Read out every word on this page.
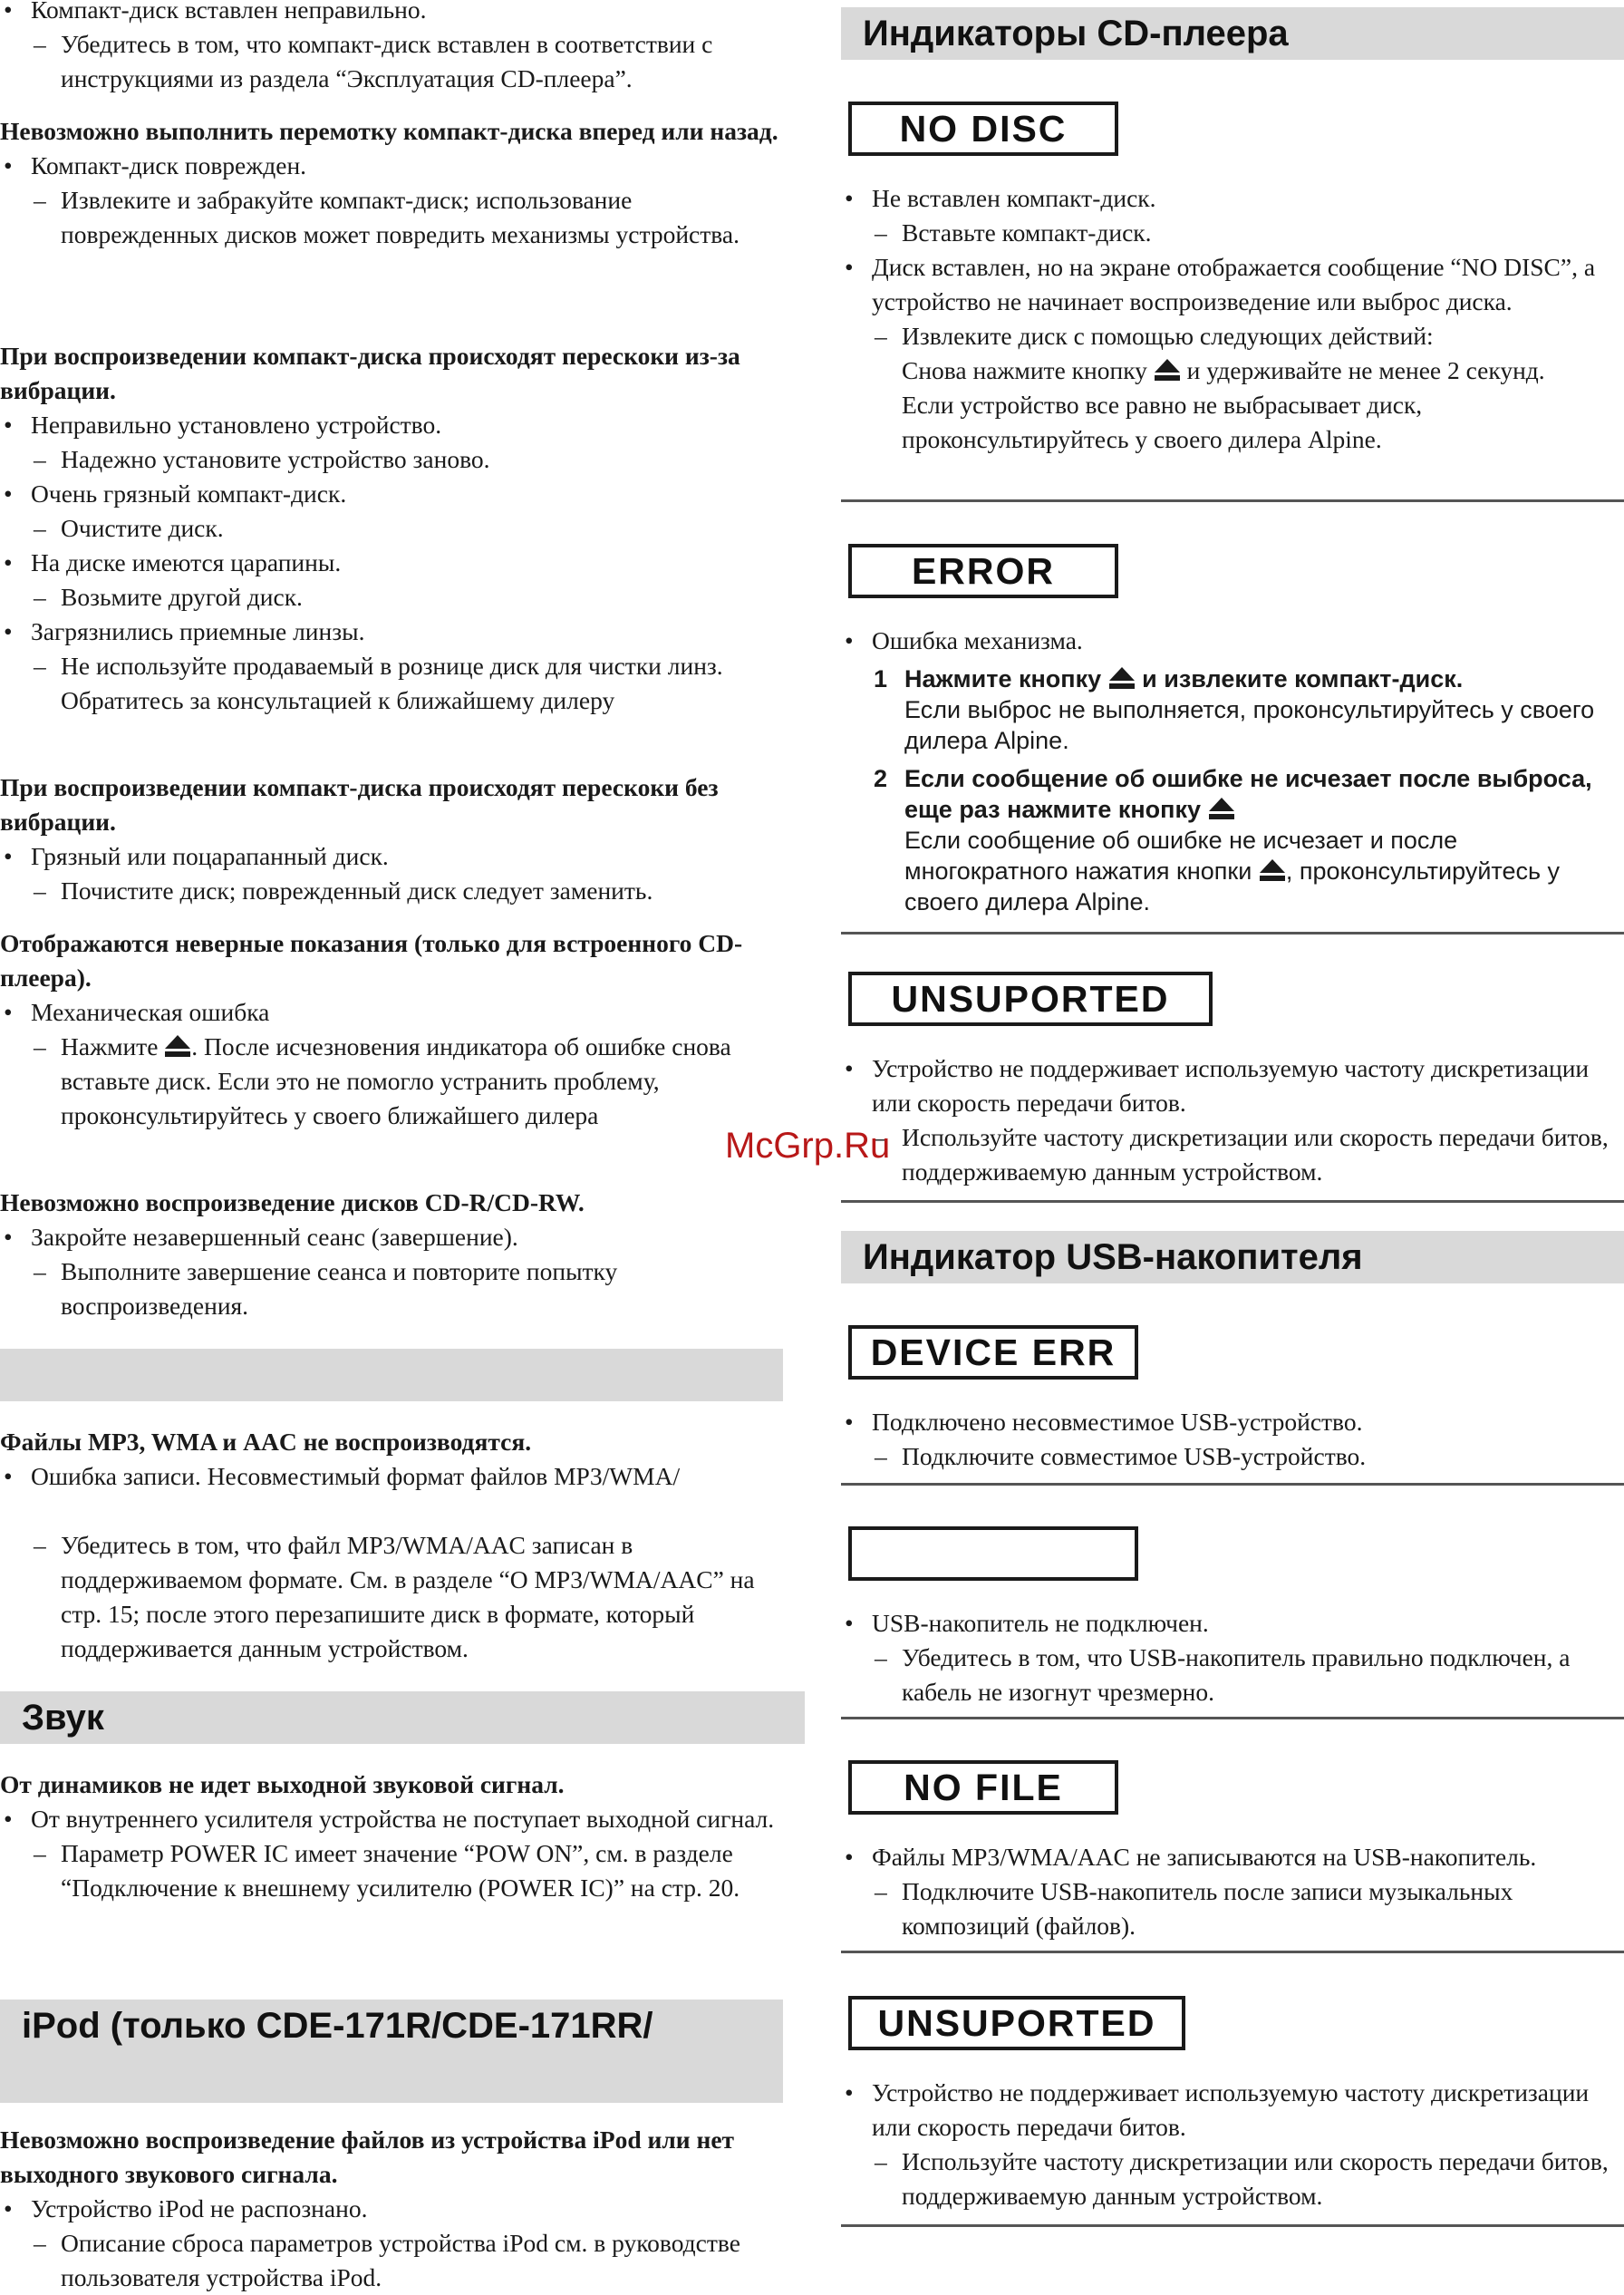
• Компакт-диск вставлен неправильно.

– Убедитесь в том, что компакт-диск вставлен в соответствии с инструкциями из раздела “Эксплуатация CD-плеера”.

Невозможно выполнить перемотку компакт-диска вперед или назад.

• Компакт-диск поврежден.

– Извлеките и забракуйте компакт-диск; использование поврежденных дисков может повредить механизмы устройства.

При воспроизведении компакт-диска происходят перескоки из-за вибрации.

• Неправильно установлено устройство.

– Надежно установите устройство заново.

• Очень грязный компакт-диск.

– Очистите диск.

• На диске имеются царапины.

– Возьмите другой диск.

• Загрязнились приемные линзы.

– Не используйте продаваемый в рознице диск для чистки линз. Обратитесь за консультацией к ближайшему дилеру

При воспроизведении компакт-диска происходят перескоки без вибрации.

• Грязный или поцарапанный диск.

– Почистите диск; поврежденный диск следует заменить.

Отображаются неверные показания (только для встроенного CD-плеера).

• Механическая ошибка

– Нажмите . После исчезновения индикатора об ошибке снова вставьте диск. Если это не помогло устранить проблему, проконсультируйтесь у своего ближайшего дилера

Невозможно воспроизведение дисков CD-R/CD-RW.

• Закройте незавершенный сеанс (завершение).

– Выполните завершение сеанса и повторите попытку воспроизведения.

Файлы MP3, WMA и AAC не воспроизводятся.

• Ошибка записи. Несовместимый формат файлов MP3/WMA/

– Убедитесь в том, что файл MP3/WMA/AAC записан в поддерживаемом формате. См. в разделе “О MP3/WMA/AAC” на стр. 15; после этого перезапишите диск в формате, который поддерживается данным устройством.

Звук

От динамиков не идет выходной звуковой сигнал.

• От внутреннего усилителя устройства не поступает выходной сигнал.

– Параметр POWER IC имеет значение “POW ON”, см. в разделе “Подключение к внешнему усилителю (POWER IC)” на стр. 20.

iPod (только CDE-171R/CDE-171RR/

Невозможно воспроизведение файлов из устройства iPod или нет выходного звукового сигнала.

• Устройство iPod не распознано.

– Описание сброса параметров устройства iPod см. в руководстве пользователя устройства iPod.

Индикаторы CD-плеера
NO DISC

• Не вставлен компакт-диск.

– Вставьте компакт-диск.

• Диск вставлен, но на экране отображается сообщение “NO DISC”, а устройство не начинает воспроизведение или выброс диска.

– Извлеките диск с помощью следующих действий:

Снова нажмите кнопку и удерживайте не менее 2 секунд.

Если устройство все равно не выбрасывает диск, проконсультируйтесь у своего дилера Alpine.

ERROR

• Ошибка механизма.

1 Нажмите кнопку и извлеките компакт-диск.
Если выброс не выполняется, проконсультируйтесь у своего дилера Alpine.
2 Если сообщение об ошибке не исчезает после выброса, еще раз нажмите кнопку
Если сообщение об ошибке не исчезает и после многократного нажатия кнопки , проконсультируйтесь у своего дилера Alpine.
UNSUPORTED

• Устройство не поддерживает используемую частоту дискретизации или скорость передачи битов.

– Используйте частоту дискретизации или скорость передачи битов, поддерживаемую данным устройством.

Индикатор USB-накопителя
DEVICE ERR

• Подключено несовместимое USB-устройство.

– Подключите совместимое USB-устройство.

• USB-накопитель не подключен.

– Убедитесь в том, что USB-накопитель правильно подключен, а кабель не изогнут чрезмерно.

NO FILE

• Файлы MP3/WMA/AAC не записываются на USB-накопитель.

– Подключите USB-накопитель после записи музыкальных композиций (файлов).

UNSUPORTED

• Устройство не поддерживает используемую частоту дискретизации или скорость передачи битов.

– Используйте частоту дискретизации или скорость передачи битов, поддерживаемую данным устройством.

McGrp.Ru
